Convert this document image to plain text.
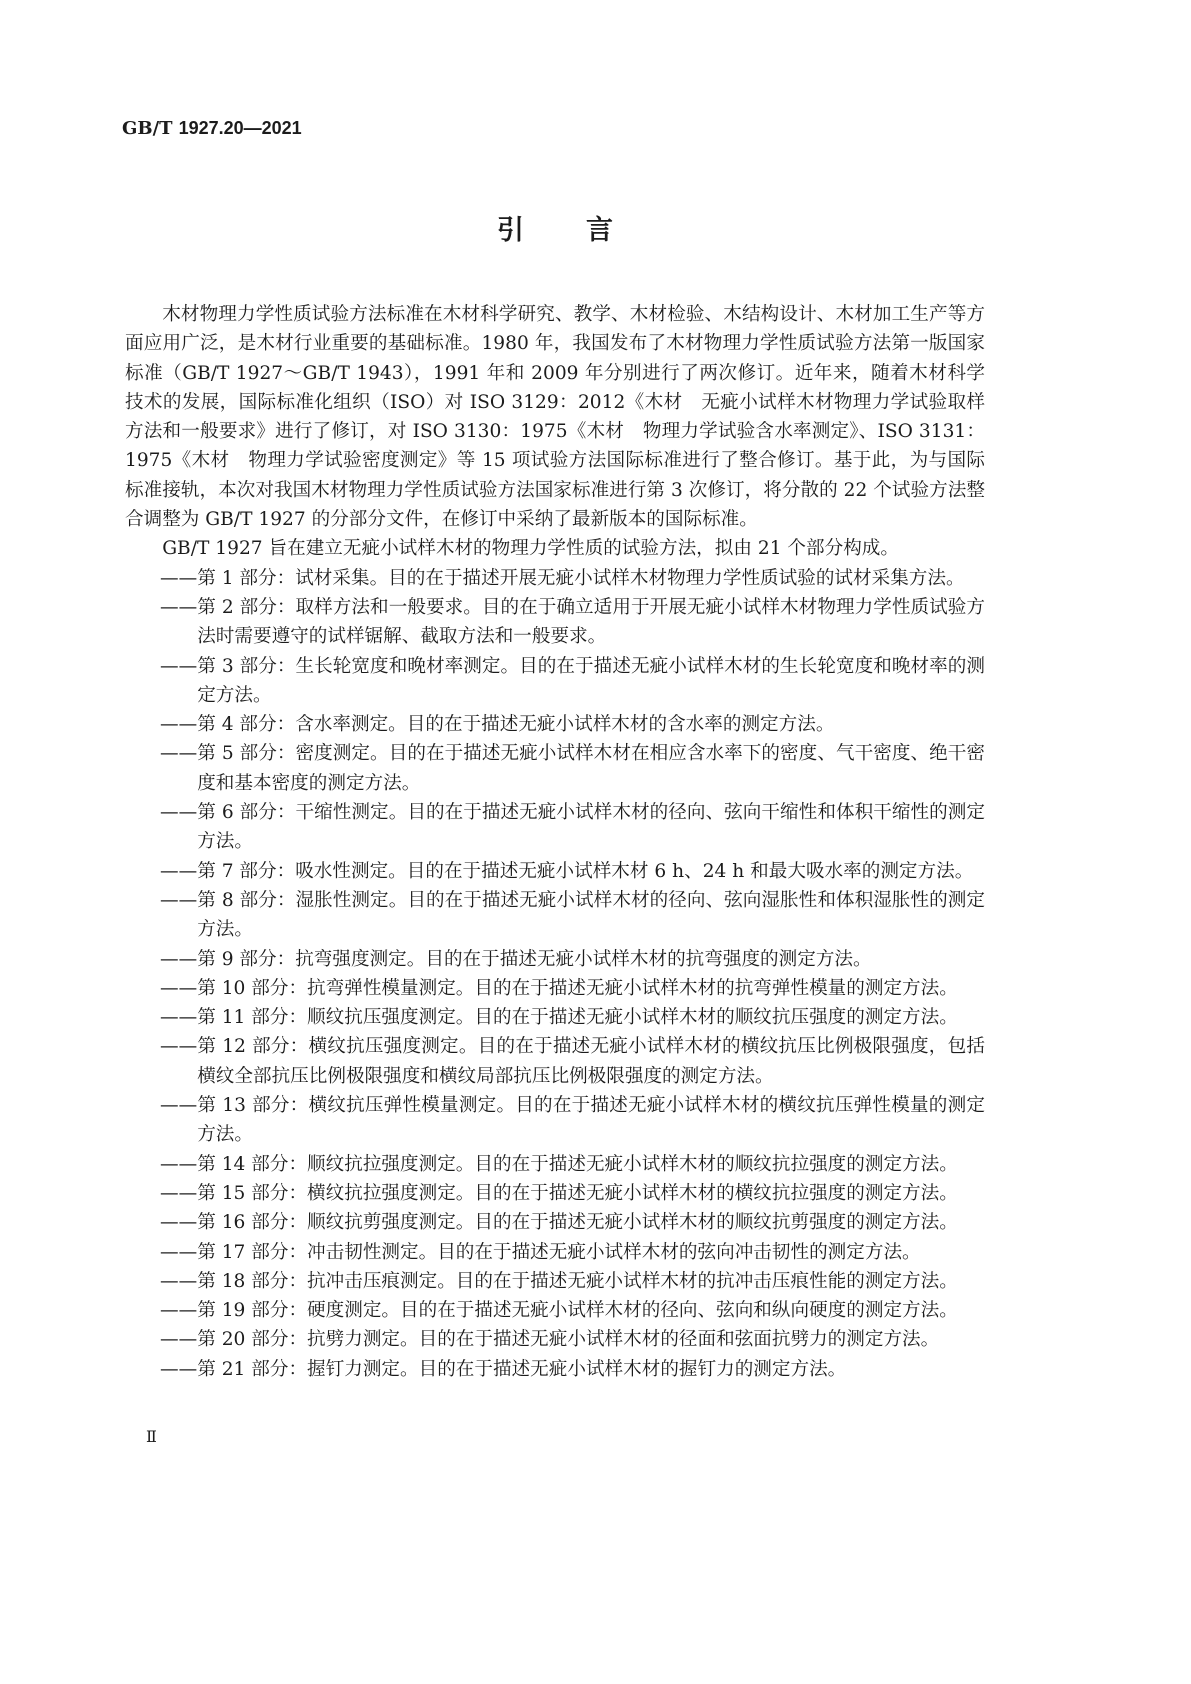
GB/T 1927.20—2021
引　言

木材物理力学性质试验方法标准在木材科学研究、教学、木材检验、木结构设计、木材加工生产等方面应用广泛，是木材行业重要的基础标准。1980 年，我国发布了木材物理力学性质试验方法第一版国家标准（GB/T 1927～GB/T 1943），1991 年和 2009 年分别进行了两次修订。近年来，随着木材科学技术的发展，国际标准化组织（ISO）对 ISO 3129：2012《木材　无疵小试样木材物理力学试验取样方法和一般要求》进行了修订，对 ISO 3130：1975《木材　物理力学试验含水率测定》、ISO 3131：1975《木材　物理力学试验密度测定》等 15 项试验方法国际标准进行了整合修订。基于此，为与国际标准接轨，本次对我国木材物理力学性质试验方法国家标准进行第 3 次修订，将分散的 22 个试验方法整合调整为 GB/T 1927 的分部分文件，在修订中采纳了最新版本的国际标准。

GB/T 1927 旨在建立无疵小试样木材的物理力学性质的试验方法，拟由 21 个部分构成。

——第 1 部分：试材采集。目的在于描述开展无疵小试样木材物理力学性质试验的试材采集方法。
——第 2 部分：取样方法和一般要求。目的在于确立适用于开展无疵小试样木材物理力学性质试验方法时需要遵守的试样锯解、截取方法和一般要求。
——第 3 部分：生长轮宽度和晚材率测定。目的在于描述无疵小试样木材的生长轮宽度和晚材率的测定方法。
——第 4 部分：含水率测定。目的在于描述无疵小试样木材的含水率的测定方法。
——第 5 部分：密度测定。目的在于描述无疵小试样木材在相应含水率下的密度、气干密度、绝干密度和基本密度的测定方法。
——第 6 部分：干缩性测定。目的在于描述无疵小试样木材的径向、弦向干缩性和体积干缩性的测定方法。
——第 7 部分：吸水性测定。目的在于描述无疵小试样木材 6 h、24 h 和最大吸水率的测定方法。
——第 8 部分：湿胀性测定。目的在于描述无疵小试样木材的径向、弦向湿胀性和体积湿胀性的测定方法。
——第 9 部分：抗弯强度测定。目的在于描述无疵小试样木材的抗弯强度的测定方法。
——第 10 部分：抗弯弹性模量测定。目的在于描述无疵小试样木材的抗弯弹性模量的测定方法。
——第 11 部分：顺纹抗压强度测定。目的在于描述无疵小试样木材的顺纹抗压强度的测定方法。
——第 12 部分：横纹抗压强度测定。目的在于描述无疵小试样木材的横纹抗压比例极限强度，包括横纹全部抗压比例极限强度和横纹局部抗压比例极限强度的测定方法。
——第 13 部分：横纹抗压弹性模量测定。目的在于描述无疵小试样木材的横纹抗压弹性模量的测定方法。
——第 14 部分：顺纹抗拉强度测定。目的在于描述无疵小试样木材的顺纹抗拉强度的测定方法。
——第 15 部分：横纹抗拉强度测定。目的在于描述无疵小试样木材的横纹抗拉强度的测定方法。
——第 16 部分：顺纹抗剪强度测定。目的在于描述无疵小试样木材的顺纹抗剪强度的测定方法。
——第 17 部分：冲击韧性测定。目的在于描述无疵小试样木材的弦向冲击韧性的测定方法。
——第 18 部分：抗冲击压痕测定。目的在于描述无疵小试样木材的抗冲击压痕性能的测定方法。
——第 19 部分：硬度测定。目的在于描述无疵小试样木材的径向、弦向和纵向硬度的测定方法。
——第 20 部分：抗劈力测定。目的在于描述无疵小试样木材的径面和弦面抗劈力的测定方法。
——第 21 部分：握钉力测定。目的在于描述无疵小试样木材的握钉力的测定方法。
Ⅱ
